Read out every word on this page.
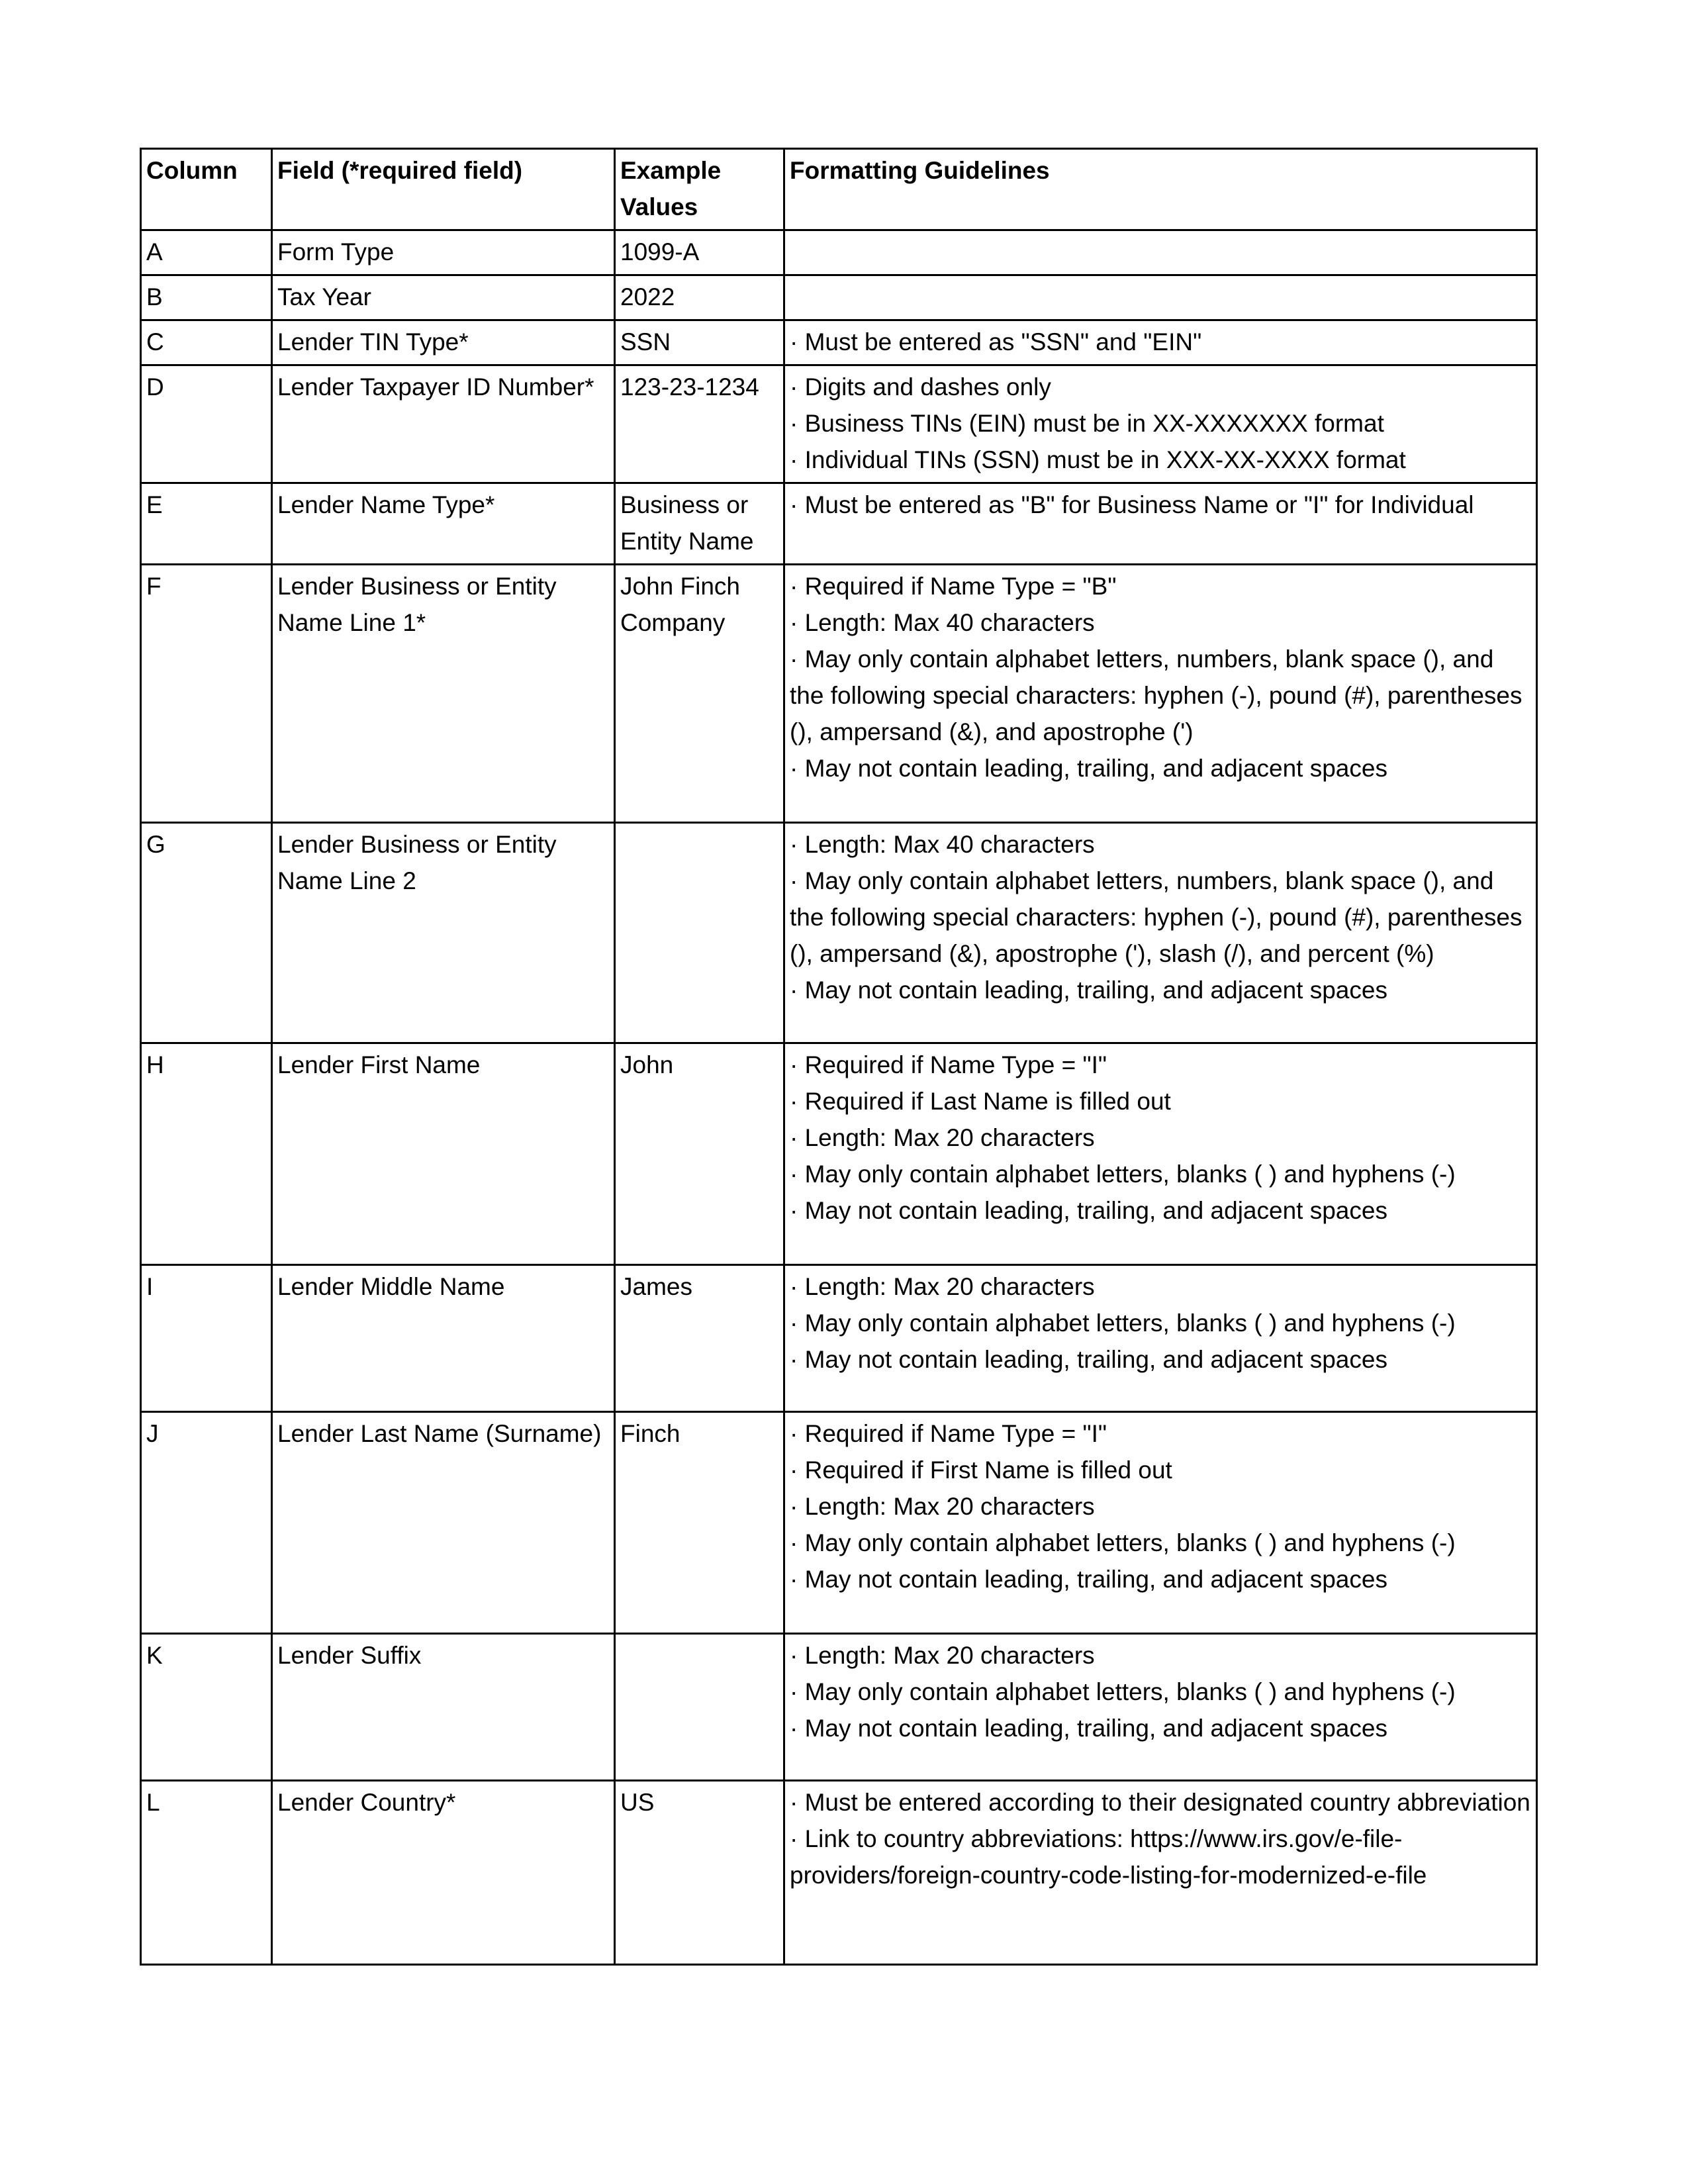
Column	Field (*required field)	Example Values	Formatting Guidelines
A	Form Type	1099-A	
B	Tax Year	2022	
C	Lender TIN Type*	SSN	· Must be entered as "SSN" and "EIN"

D	Lender Taxpayer ID Number*	123-23-1234	· Digits and dashes only
· Business TINs (EIN) must be in XX-XXXXXXX format
· Individual TINs (SSN) must be in XXX-XX-XXXX format

E	Lender Name Type*	Business or Entity Name	· Must be entered as "B" for Business Name or "I" for Individual

F	Lender Business or Entity Name Line 1*	John Finch Company	· Required if Name Type = "B"
· Length: Max 40 characters
· May only contain alphabet letters, numbers, blank space (), and the following special characters: hyphen (-), pound (#), parentheses (), ampersand (&), and apostrophe (')
· May not contain leading, trailing, and adjacent spaces

G	Lender Business or Entity Name Line 2		· Length: Max 40 characters
· May only contain alphabet letters, numbers, blank space (), and the following special characters: hyphen (-), pound (#), parentheses (), ampersand (&), apostrophe ('), slash (/), and percent (%)
· May not contain leading, trailing, and adjacent spaces

H	Lender First Name	John	· Required if Name Type = "I"
· Required if Last Name is filled out
· Length: Max 20 characters
· May only contain alphabet letters, blanks ( ) and hyphens (-)
· May not contain leading, trailing, and adjacent spaces

I	Lender Middle Name	James	· Length: Max 20 characters
· May only contain alphabet letters, blanks ( ) and hyphens (-)
· May not contain leading, trailing, and adjacent spaces

J	Lender Last Name (Surname)	Finch	· Required if Name Type = "I"
· Required if First Name is filled out
· Length: Max 20 characters
· May only contain alphabet letters, blanks ( ) and hyphens (-)
· May not contain leading, trailing, and adjacent spaces

K	Lender Suffix		· Length: Max 20 characters
· May only contain alphabet letters, blanks ( ) and hyphens (-)
· May not contain leading, trailing, and adjacent spaces

L	Lender Country*	US	· Must be entered according to their designated country abbreviation
· Link to country abbreviations: https://www.irs.gov/e-file-providers/foreign-country-code-listing-for-modernized-e-file
